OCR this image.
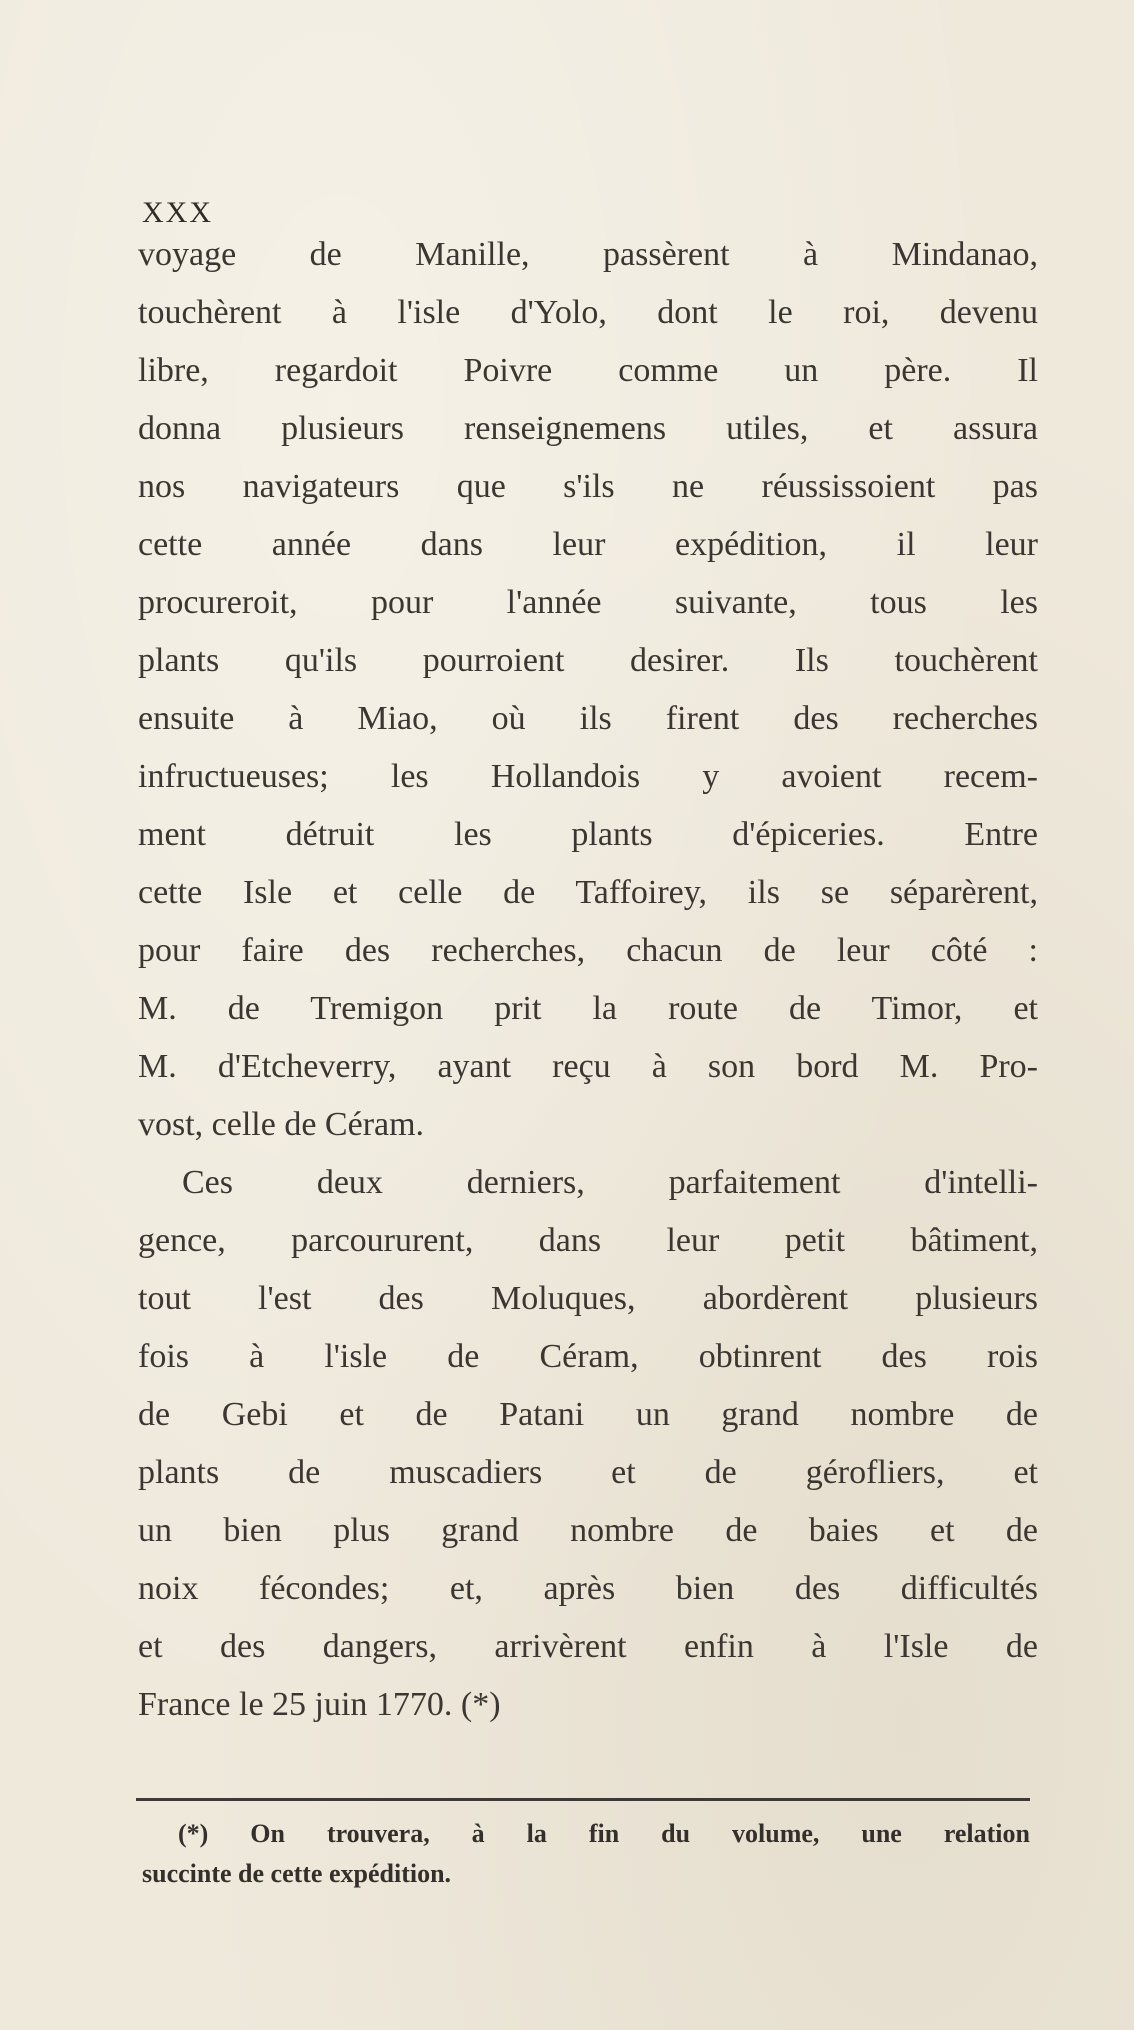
XXX
voyage de Manille, passèrent à Mindanao,
touchèrent à l'isle d'Yolo, dont le roi, devenu
libre, regardoit Poivre comme un père. Il
donna plusieurs renseignemens utiles, et assura
nos navigateurs que s'ils ne réussissoient pas
cette année dans leur expédition, il leur
procureroit, pour l'année suivante, tous les
plants qu'ils pourroient desirer. Ils touchèrent
ensuite à Miao, où ils firent des recherches
infructueuses; les Hollandois y avoient recem-
ment détruit les plants d'épiceries. Entre
cette Isle et celle de Taffoirey, ils se séparèrent,
pour faire des recherches, chacun de leur côté :
M. de Tremigon prit la route de Timor, et
M. d'Etcheverry, ayant reçu à son bord M. Pro-
vost, celle de Céram.
Ces deux derniers, parfaitement d'intelli-
gence, parcoururent, dans leur petit bâtiment,
tout l'est des Moluques, abordèrent plusieurs
fois à l'isle de Céram, obtinrent des rois
de Gebi et de Patani un grand nombre de
plants de muscadiers et de gérofliers, et
un bien plus grand nombre de baies et de
noix fécondes; et, après bien des difficultés
et des dangers, arrivèrent enfin à l'Isle de
France le 25 juin 1770. (*)
(*) On trouvera, à la fin du volume, une relation
succinte de cette expédition.
